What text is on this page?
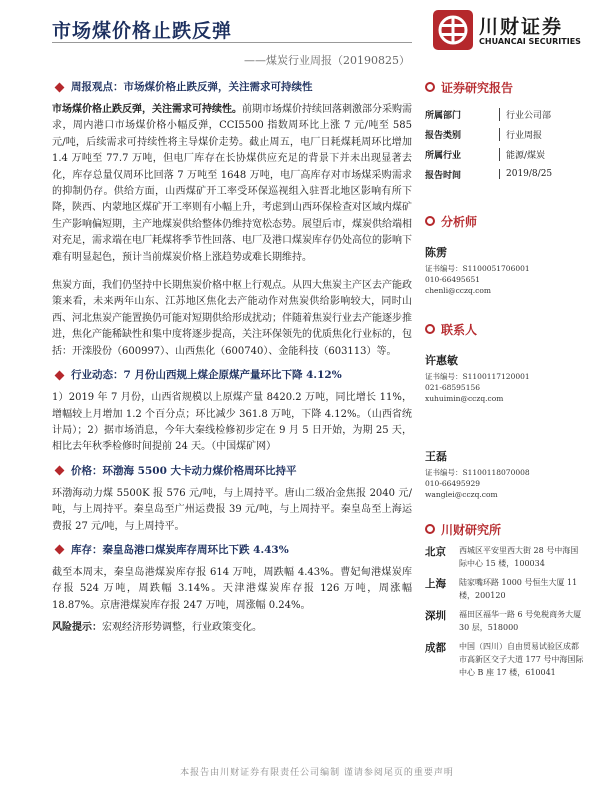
市场煤价格止跌反弹
——煤炭行业周报（20190825）
川财证券
CHUANCAI SECURITIES
周报观点：市场煤价格止跌反弹，关注需求可持续性
市场煤价格止跌反弹，关注需求可持续性。前期市场煤价持续回落刺激部分采购需求，周内港口市场煤价格小幅反弹，CCI5500 指数周环比上涨 7 元/吨至 585 元/吨，后续需求可持续性将主导煤价走势。截止周五，电厂日耗煤耗周环比增加 1.4 万吨至 77.7 万吨，但电厂库存在长协煤供应充足的背景下并未出现显著去化，库存总量仅周环比回落 7 万吨至 1648 万吨，电厂高库存对市场煤采购需求的抑制仍存。供给方面，山西煤矿开工率受环保巡视组入驻晋北地区影响有所下降，陕西、内蒙地区煤矿开工率则有小幅上升，考虑到山西环保检查对区域内煤矿生产影响偏短期，主产地煤炭供给整体仍维持宽松态势。展望后市，煤炭供给端相对充足，需求端在电厂耗煤将季节性回落、电厂及港口煤炭库存仍处高位的影响下难有明显起色，预计当前煤炭价格上涨趋势或难长期维持。
焦炭方面，我们仍坚持中长期焦炭价格中枢上行观点。从四大焦炭主产区去产能政策来看，未来两年山东、江苏地区焦化去产能动作对焦炭供给影响较大，同时山西、河北焦炭产能置换仍可能对短期供给形成扰动；伴随着焦炭行业去产能逐步推进，焦化产能稀缺性和集中度将逐步提高，关注环保领先的优质焦化行业标的，包括：开滦股份（600997）、山西焦化（600740）、金能科技（603113）等。
行业动态：7 月份山西规上煤企原煤产量环比下降 4.12%
1）2019 年 7 月份，山西省规模以上原煤产量 8420.2 万吨，同比增长 11%，增幅较上月增加 1.2 个百分点；环比减少 361.8 万吨，下降 4.12%。（山西省统计局）；2）据市场消息，今年大秦线检修初步定在 9 月 5 日开始，为期 25 天，相比去年秋季检修时间提前 24 天。（中国煤矿网）
价格：环渤海 5500 大卡动力煤价格周环比持平
环渤海动力煤 5500K 报 576 元/吨，与上周持平。唐山二级冶金焦报 2040 元/吨，与上周持平。秦皇岛至广州运费报 39 元/吨，与上周持平。秦皇岛至上海运费报 27 元/吨，与上周持平。
库存：秦皇岛港口煤炭库存周环比下跌 4.43%
截至本周末，秦皇岛港煤炭库存报 614 万吨，周跌幅 4.43%。曹妃甸港煤炭库存报 524 万吨，周跌幅 3.14%。天津港煤炭库存报 126 万吨，周涨幅 18.87%。京唐港煤炭库存报 247 万吨，周涨幅 0.24%。
风险提示：宏观经济形势调整，行业政策变化。
证券研究报告
所属部门	行业公司部
报告类别	行业周报
所属行业	能源/煤炭
报告时间	2019/8/25
分析师
陈雳
证书编号：S1100051706001
010-66495651
chenli@cczq.com
联系人
许惠敏
证书编号：S1100117120001
021-68595156
xuhuimin@cczq.com
王磊
证书编号：S1100118070008
010-66495929
wanglei@cczq.com
川财研究所
北京	西城区平安里西大街 28 号中海国际中心 15 楼，100034
上海	陆家嘴环路 1000 号恒生大厦 11 楼，200120
深圳	福田区福华一路 6 号免税商务大厦 30 层，518000
成都	中国（四川）自由贸易试验区成都市高新区交子大道 177 号中海国际中心 B 座 17 楼，610041
本报告由川财证券有限责任公司编制 谨请参阅尾页的重要声明
